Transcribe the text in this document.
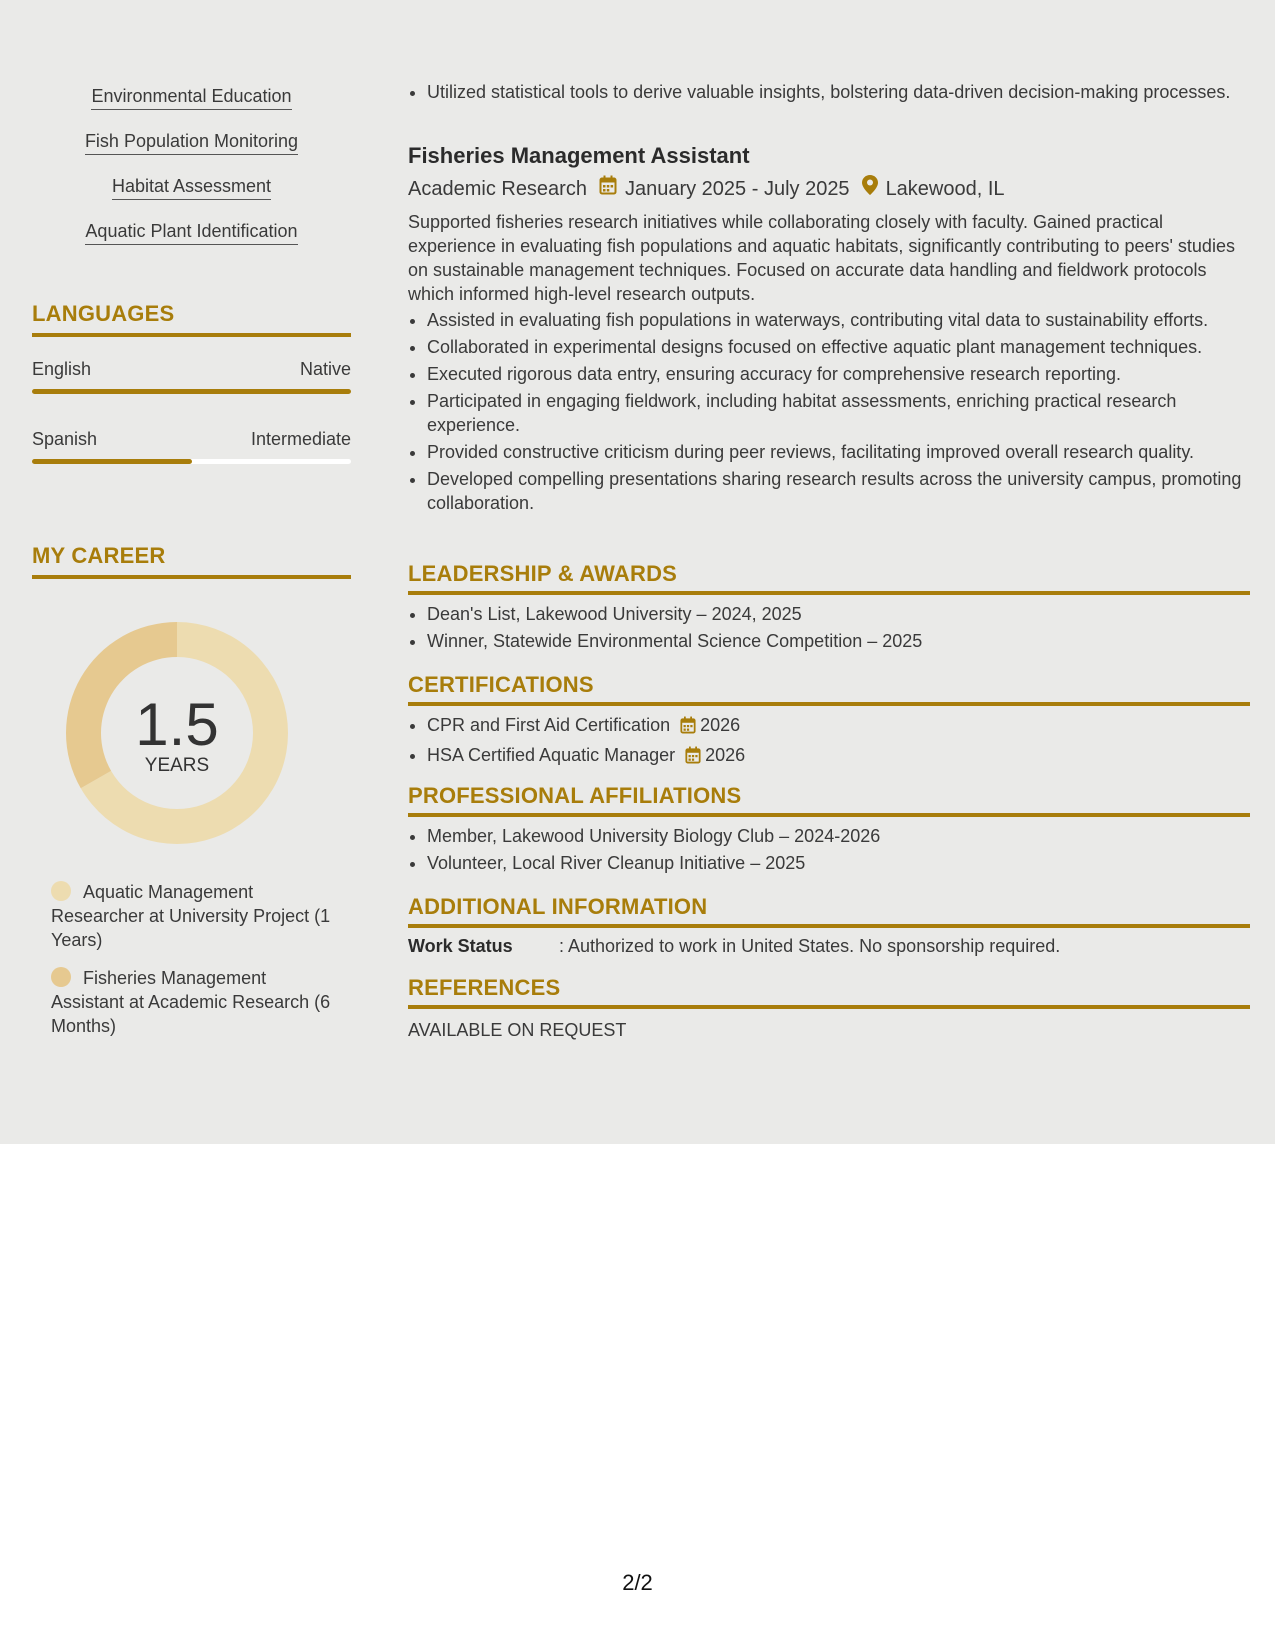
Environmental Education
Fish Population Monitoring
Habitat Assessment
Aquatic Plant Identification
LANGUAGES
English	Native
Spanish	Intermediate
MY CAREER
1.5
YEARS
Aquatic Management Researcher at University Project (1 Years)
Fisheries Management Assistant at Academic Research (6 Months)
• Utilized statistical tools to derive valuable insights, bolstering data-driven decision-making processes.
Fisheries Management Assistant
Academic Research January 2025 - July 2025 Lakewood, IL
Supported fisheries research initiatives while collaborating closely with faculty. Gained practical experience in evaluating fish populations and aquatic habitats, significantly contributing to peers' studies on sustainable management techniques. Focused on accurate data handling and fieldwork protocols which informed high-level research outputs.
• Assisted in evaluating fish populations in waterways, contributing vital data to sustainability efforts.
• Collaborated in experimental designs focused on effective aquatic plant management techniques.
• Executed rigorous data entry, ensuring accuracy for comprehensive research reporting.
• Participated in engaging fieldwork, including habitat assessments, enriching practical research experience.
• Provided constructive criticism during peer reviews, facilitating improved overall research quality.
• Developed compelling presentations sharing research results across the university campus, promoting collaboration.
LEADERSHIP & AWARDS
• Dean's List, Lakewood University – 2024, 2025
• Winner, Statewide Environmental Science Competition – 2025
CERTIFICATIONS
• CPR and First Aid Certification 2026
• HSA Certified Aquatic Manager 2026
PROFESSIONAL AFFILIATIONS
• Member, Lakewood University Biology Club – 2024-2026
• Volunteer, Local River Cleanup Initiative – 2025
ADDITIONAL INFORMATION
Work Status	: Authorized to work in United States. No sponsorship required.
REFERENCES
AVAILABLE ON REQUEST
2/2
